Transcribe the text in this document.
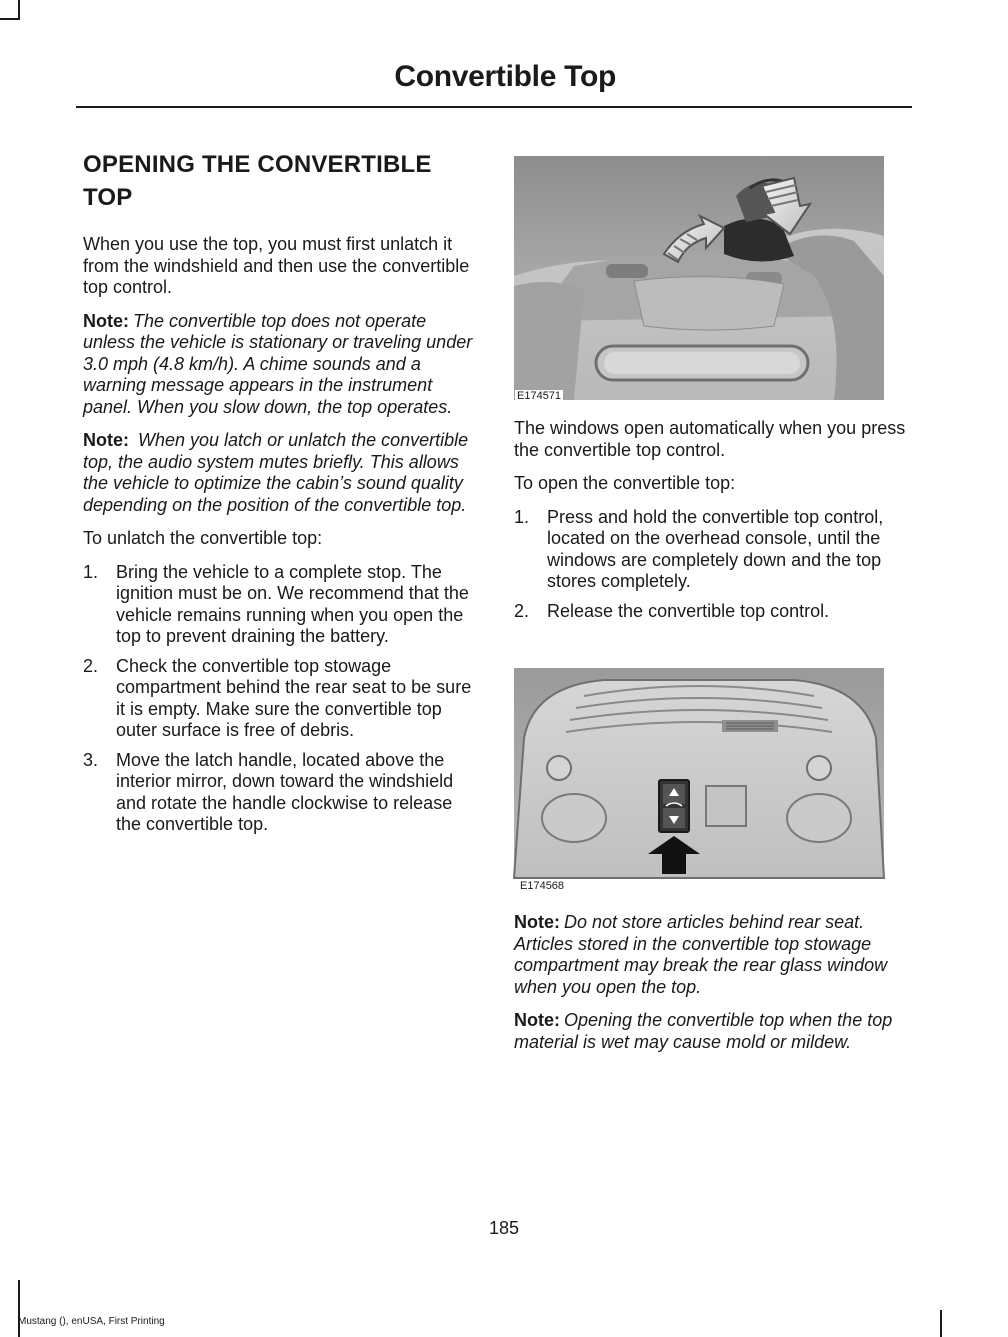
Convertible Top
OPENING THE CONVERTIBLE TOP

When you use the top, you must first unlatch it from the windshield and then use the convertible top control.

Note: The convertible top does not operate unless the vehicle is stationary or traveling under 3.0 mph (4.8 km/h). A chime sounds and a warning message appears in the instrument panel. When you slow down, the top operates.

Note: When you latch or unlatch the convertible top, the audio system mutes briefly. This allows the vehicle to optimize the cabin’s sound quality depending on the position of the convertible top.

To unlatch the convertible top:

1. Bring the vehicle to a complete stop. The ignition must be on. We recommend that the vehicle remains running when you open the top to prevent draining the battery.
2. Check the convertible top stowage compartment behind the rear seat to be sure it is empty. Make sure the convertible top outer surface is free of debris.
3. Move the latch handle, located above the interior mirror, down toward the windshield and rotate the handle clockwise to release the convertible top.
E174571

The windows open automatically when you press the convertible top control.

To open the convertible top:

1. Press and hold the convertible top control, located on the overhead console, until the windows are completely down and the top stores completely.
2. Release the convertible top control.
E174568

Note: Do not store articles behind rear seat. Articles stored in the convertible top stowage compartment may break the rear glass window when you open the top.

Note: Opening the convertible top when the top material is wet may cause mold or mildew.

185
Mustang (), enUSA, First Printing
